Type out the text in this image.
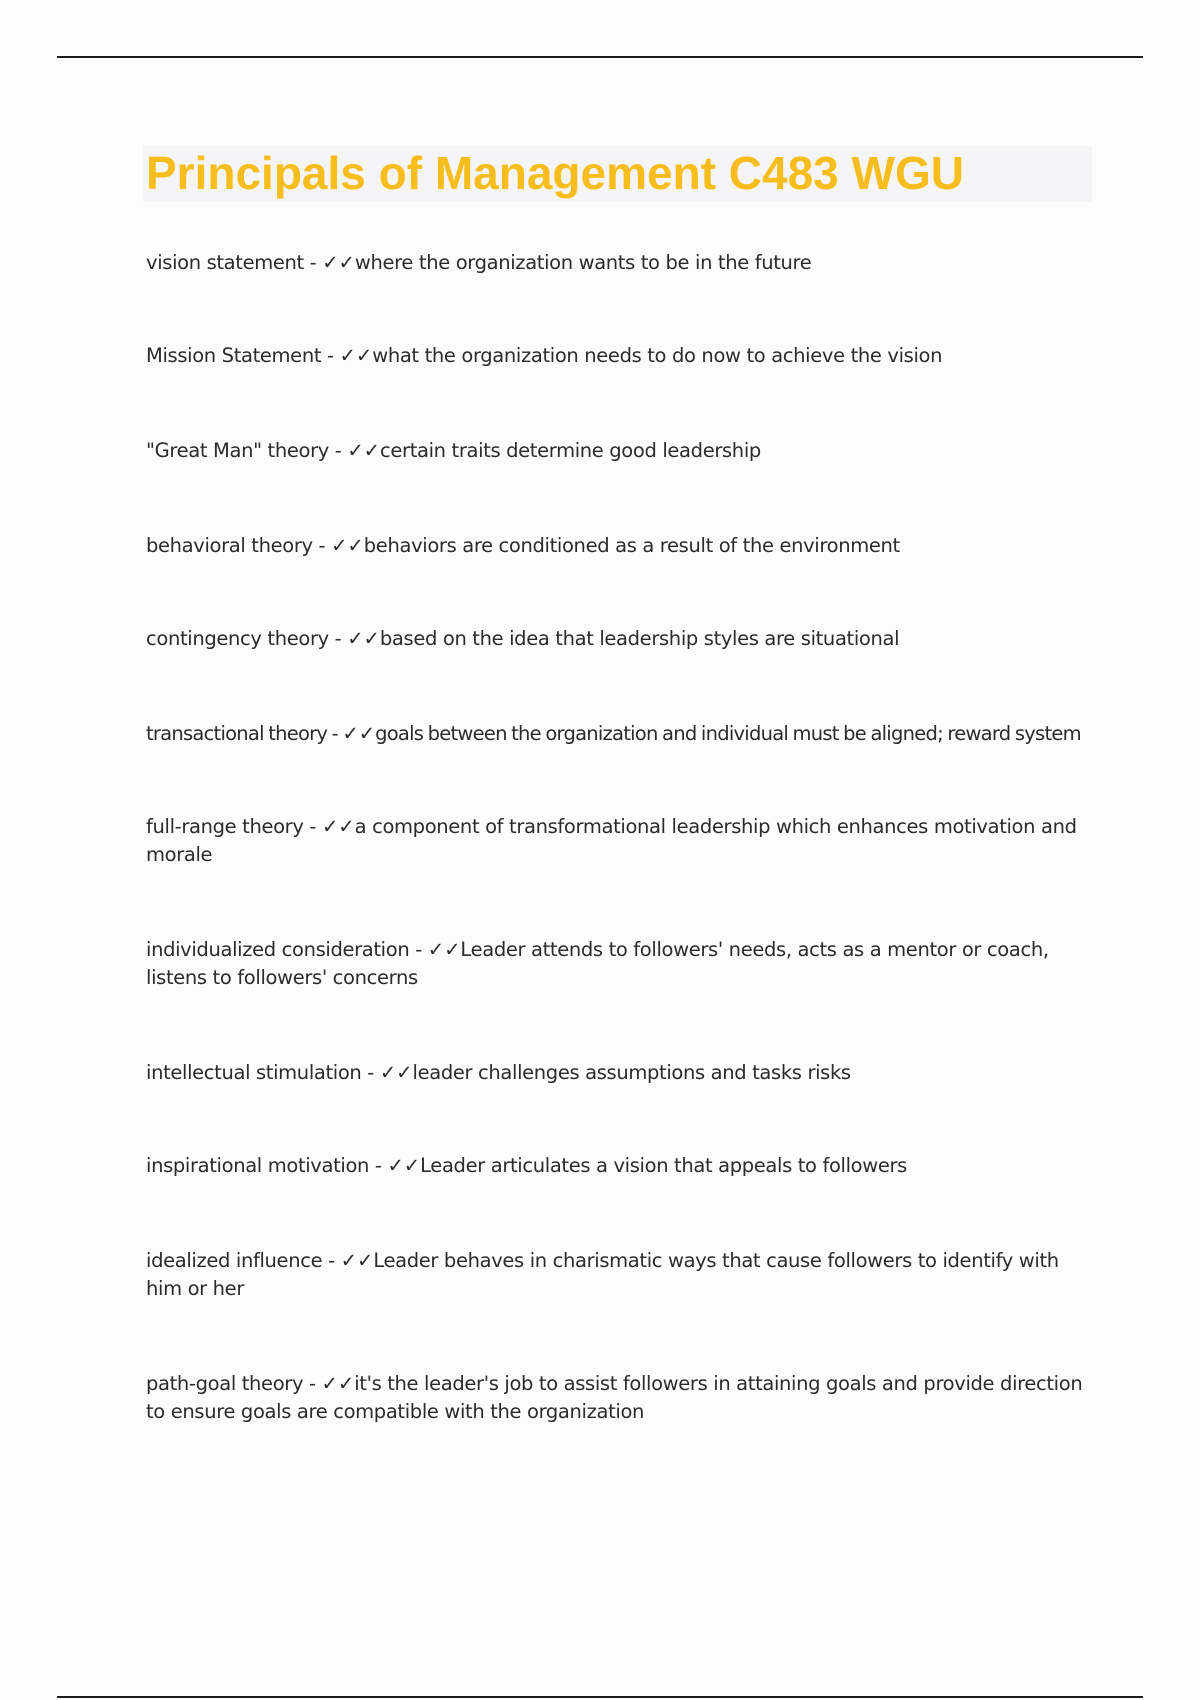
Principals of Management C483 WGU

vision statement - ✓✓where the organization wants to be in the future

Mission Statement - ✓✓what the organization needs to do now to achieve the vision

"Great Man" theory - ✓✓certain traits determine good leadership

behavioral theory - ✓✓behaviors are conditioned as a result of the environment

contingency theory - ✓✓based on the idea that leadership styles are situational

transactional theory - ✓✓goals between the organization and individual must be aligned; reward system

full-range theory - ✓✓a component of transformational leadership which enhances motivation and morale

individualized consideration - ✓✓Leader attends to followers' needs, acts as a mentor or coach, listens to followers' concerns

intellectual stimulation - ✓✓leader challenges assumptions and tasks risks

inspirational motivation - ✓✓Leader articulates a vision that appeals to followers

idealized influence - ✓✓Leader behaves in charismatic ways that cause followers to identify with him or her

path-goal theory - ✓✓it's the leader's job to assist followers in attaining goals and provide direction to ensure goals are compatible with the organization
